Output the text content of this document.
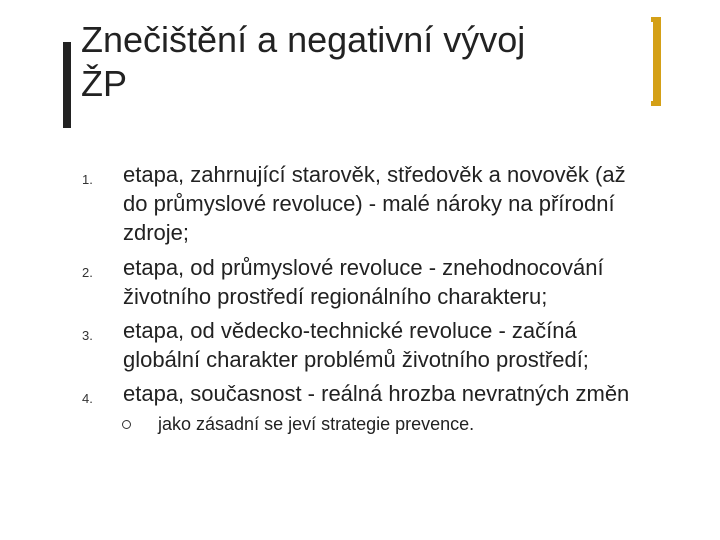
Znečištění a negativní vývoj
ŽP
1. etapa, zahrnující starověk, středověk a novověk (až
do průmyslové revoluce) - malé nároky na přírodní
zdroje;
2. etapa, od průmyslové revoluce - znehodnocování
životního prostředí regionálního charakteru;
3. etapa, od vědecko-technické revoluce - začíná
globální charakter problémů životního prostředí;
4. etapa, současnost - reálná hrozba nevratných změn
jako zásadní se jeví strategie prevence.
